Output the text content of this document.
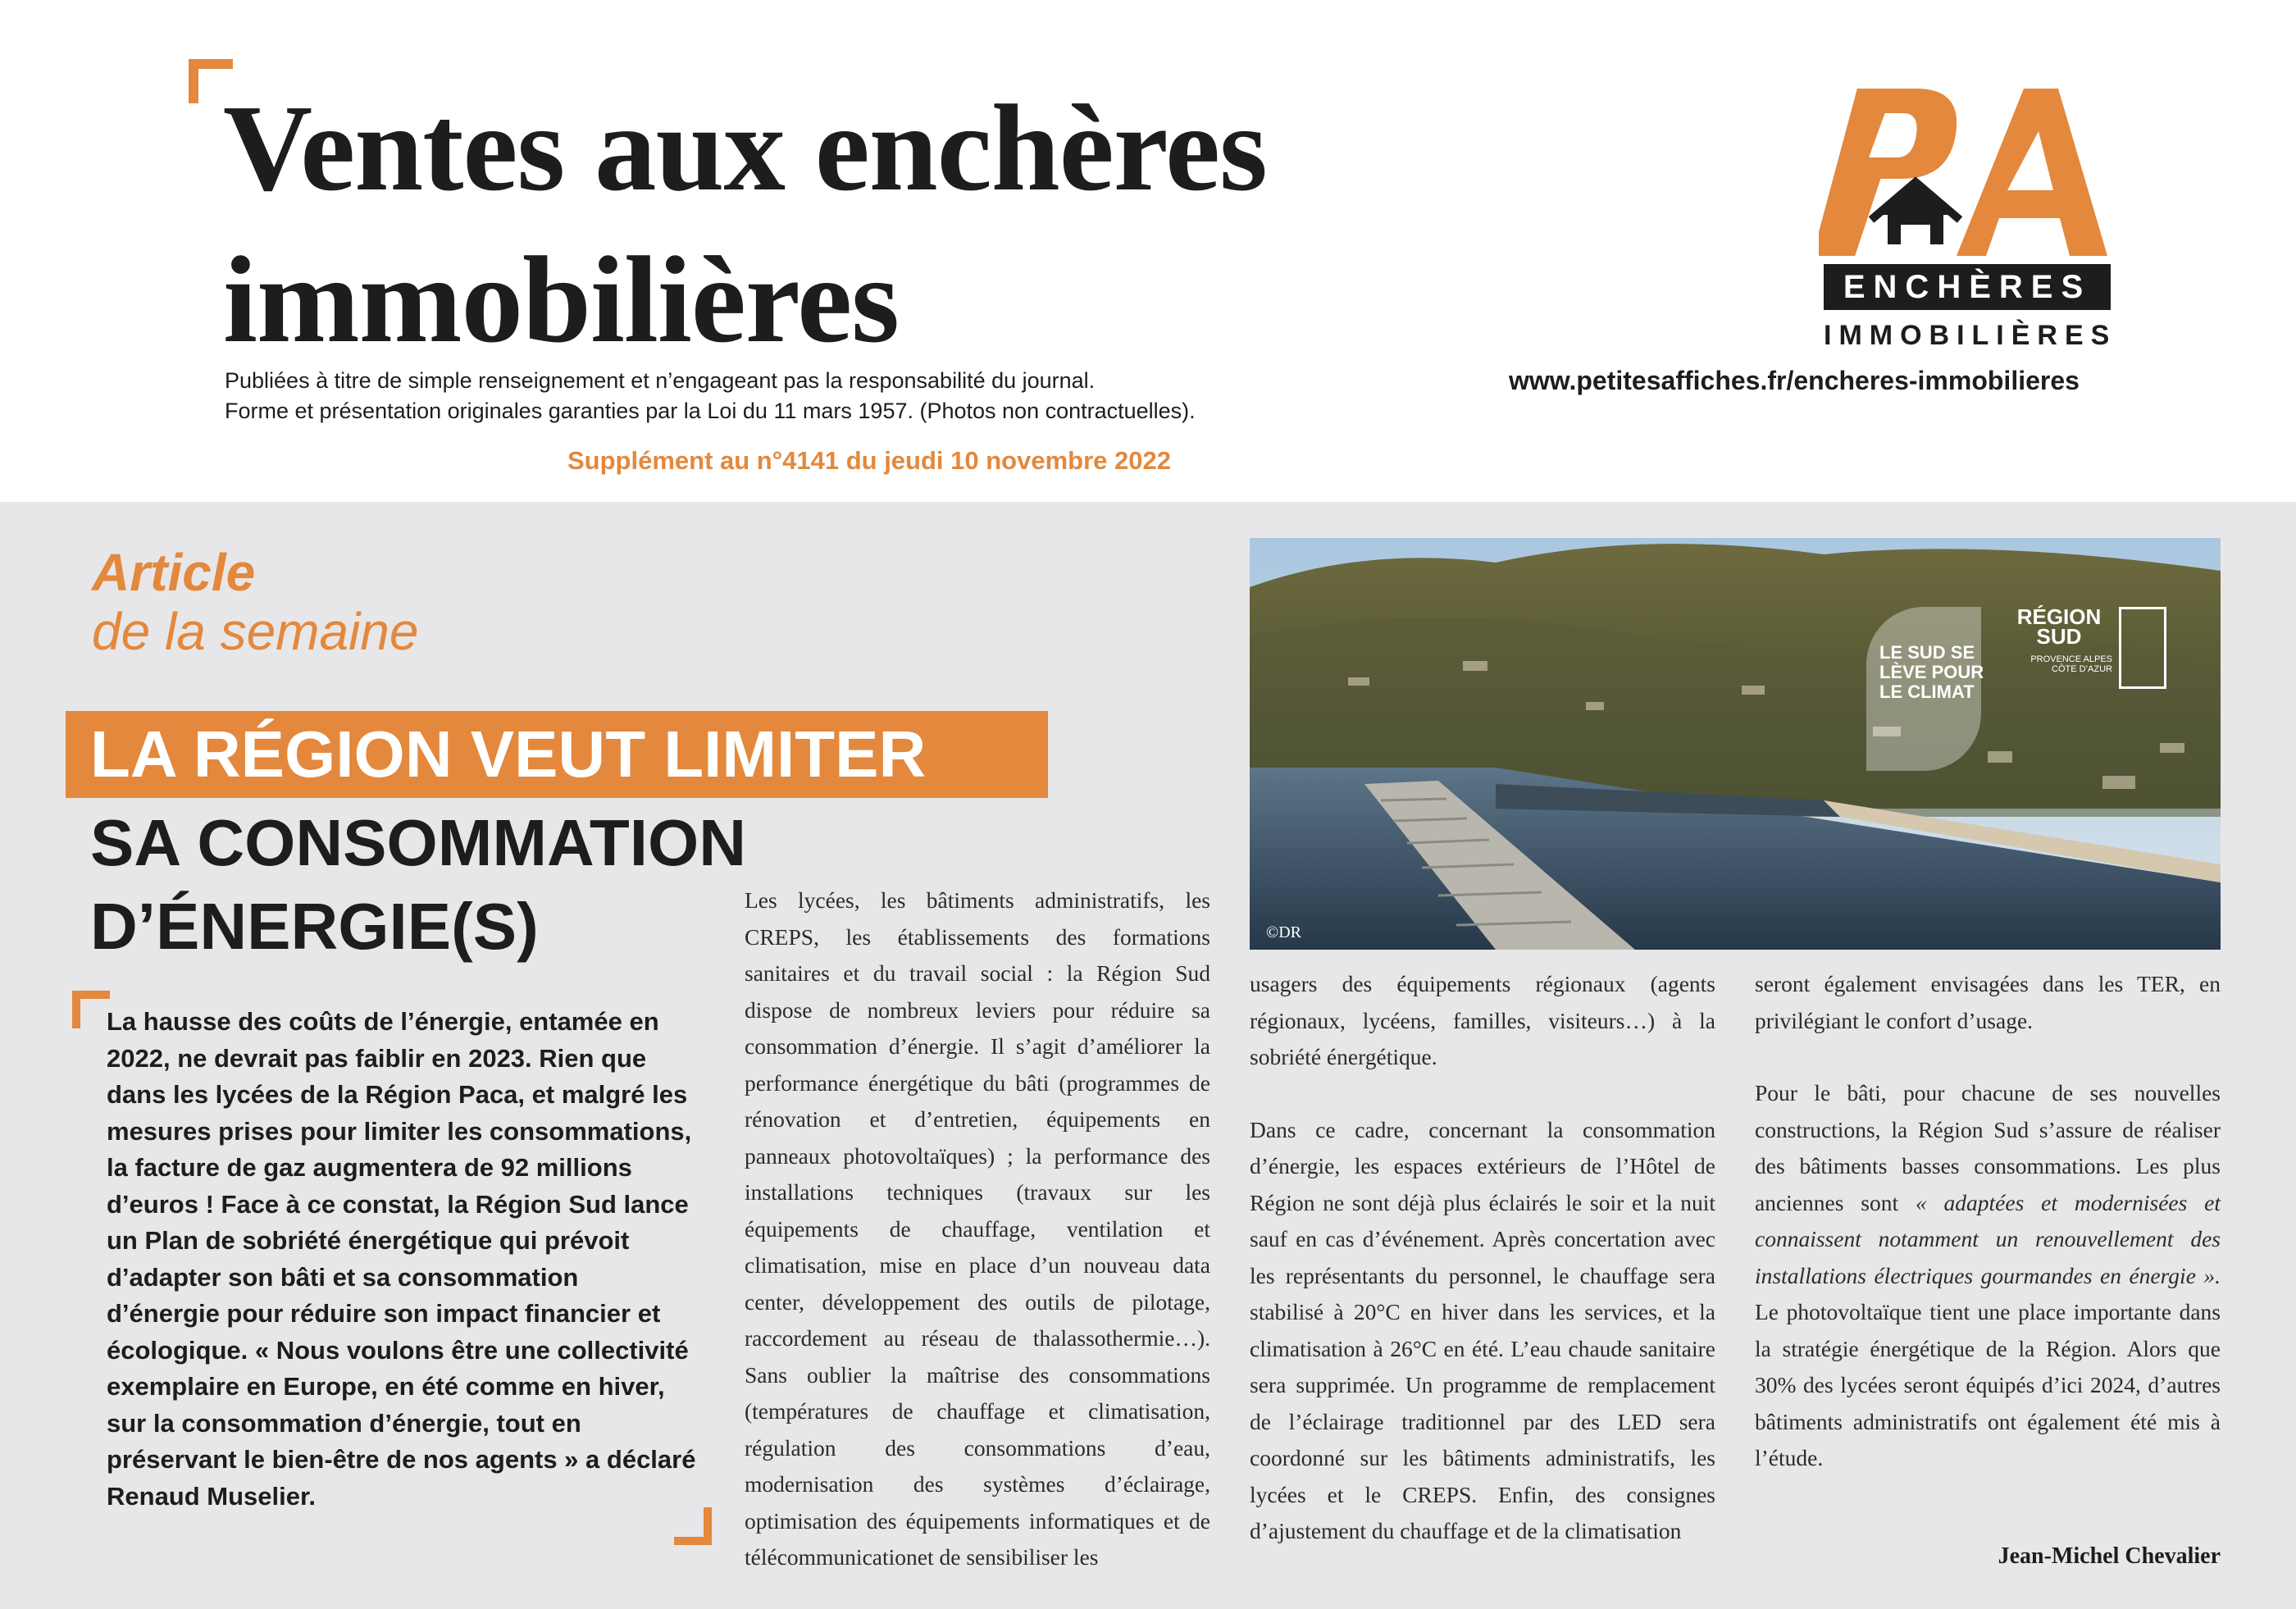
Ventes aux enchères
immobilières
Publiées à titre de simple renseignement et n’engageant pas la responsabilité du journal.
Forme et présentation originales garanties par la Loi du 11 mars 1957. (Photos non contractuelles).
Supplément au n°4141 du jeudi 10 novembre 2022
www.petitesaffiches.fr/encheres-immobilieres
ENCHÈRES
IMMOBILIÈRES
Article
de la semaine
LA RÉGION VEUT LIMITER
SA CONSOMMATION
D’ÉNERGIE(S)
La hausse des coûts de l’énergie, entamée en 2022, ne devrait pas faiblir en 2023. Rien que dans les lycées de la Région Paca, et malgré les mesures prises pour limiter les consommations, la facture de gaz augmentera de 92 millions d’euros ! Face à ce constat, la Région Sud lance un Plan de sobriété énergétique qui prévoit d’adapter son bâti et sa consommation d’énergie pour réduire son impact financier et écologique. « Nous voulons être une collectivité exemplaire en Europe, en été comme en hiver, sur la consommation d’énergie, tout en préservant le bien-être de nos agents » a déclaré Renaud Muselier.

Les lycées, les bâtiments administratifs, les CREPS, les établissements des formations sanitaires et du travail social : la Région Sud dispose de nombreux leviers pour réduire sa consommation d’énergie. Il s’agit d’améliorer la performance énergétique du bâti (programmes de rénovation et d’entretien, équipements en panneaux photovoltaïques) ; la performance des installations techniques (travaux sur les équipements de chauffage, ventilation et climatisation, mise en place d’un nouveau data center, développement des outils de pilotage, raccordement au réseau de thalassothermie…). Sans oublier la maîtrise des consommations (températures de chauffage et climatisation, régulation des consommations d’eau, modernisation des systèmes d’éclairage, optimisation des équipements informatiques et de télécommunicationet de sensibiliser les

usagers des équipements régionaux (agents régionaux, lycéens, familles, visiteurs…) à la sobriété énergétique.

Dans ce cadre, concernant la consommation d’énergie, les espaces extérieurs de l’Hôtel de Région ne sont déjà plus éclairés le soir et la nuit sauf en cas d’événement. Après concertation avec les représentants du personnel, le chauffage sera stabilisé à 20°C en hiver dans les services, et la climatisation à 26°C en été. L’eau chaude sanitaire sera supprimée. Un programme de remplacement de l’éclairage traditionnel par des LED sera coordonné sur les bâtiments administratifs, les lycées et le CREPS. Enfin, des consignes d’ajustement du chauffage et de la climatisation

seront également envisagées dans les TER, en privilégiant le confort d’usage.

Pour le bâti, pour chacune de ses nouvelles constructions, la Région Sud s’assure de réaliser des bâtiments basses consommations. Les plus anciennes sont « adaptées et modernisées et connaissent notamment un renouvellement des installations électriques gourmandes en énergie ». Le photovoltaïque tient une place importante dans la stratégie énergétique de la Région. Alors que 30% des lycées seront équipés d’ici 2024, d’autres bâtiments administratifs ont également été mis à l’étude.

Jean-Michel Chevalier
LE SUD SE LÈVE POUR LE CLIMAT
RÉGION SUD
PROVENCE ALPES CÔTE D’AZUR
©DR
